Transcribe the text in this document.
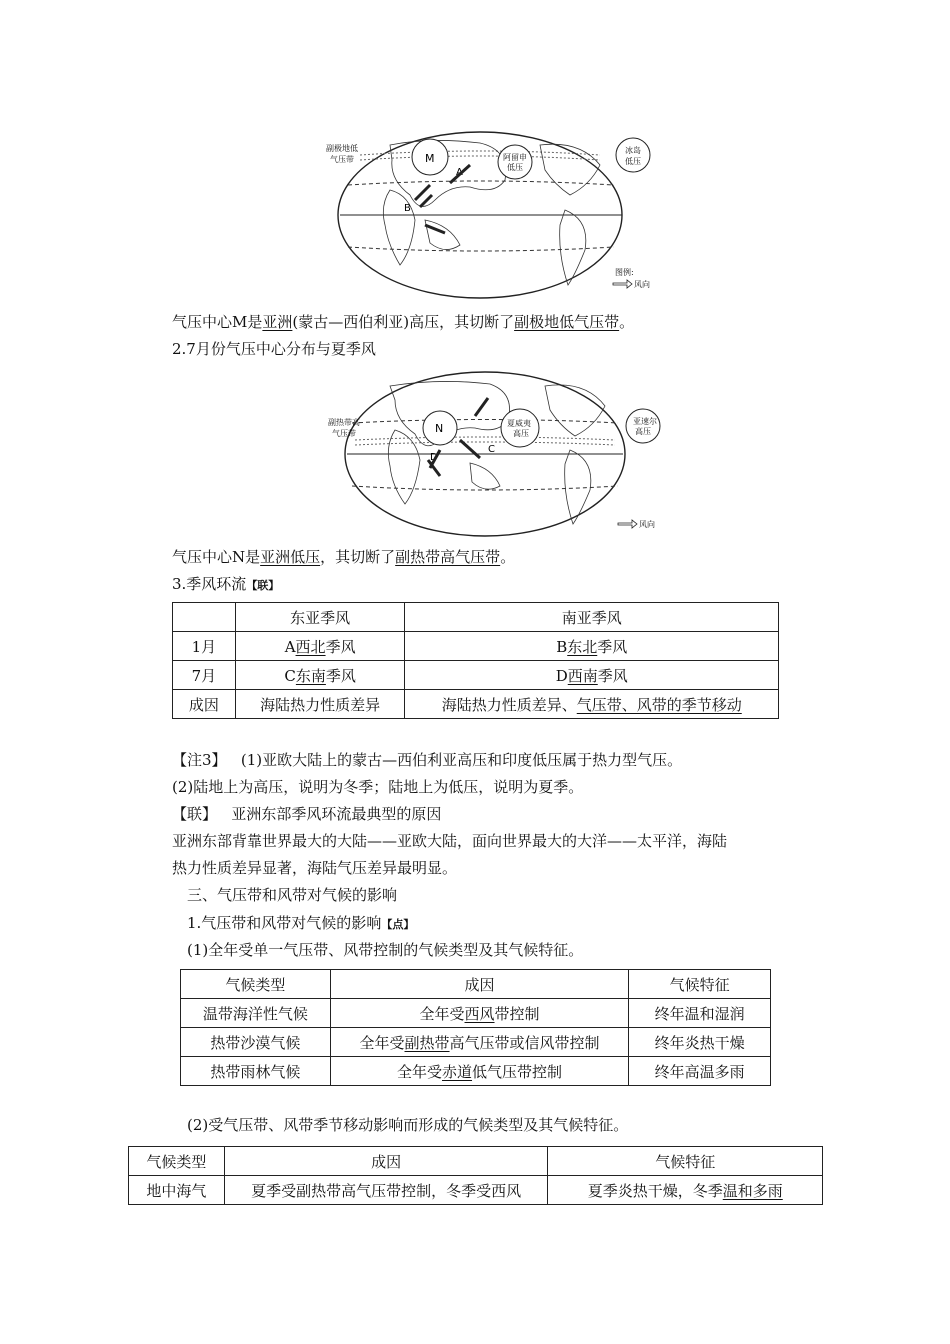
副极地低
气压带	M	阿留申
低压
冰岛
低压
A
B
图例:
风向
气压中心M是亚洲(蒙古—西伯利亚)高压，其切断了副极地低气压带。
2.7月份气压中心分布与夏季风
副热带高
气压带	N	夏威夷
高压
亚速尔
高压
C
D
风向
气压中心N是亚洲低压，其切断了副热带高气压带。
3.季风环流【联】
	东亚季风	南亚季风
1月	A西北季风	B东北季风
7月	C东南季风	D西南季风
成因	海陆热力性质差异	海陆热力性质差异、气压带、风带的季节移动
【注3】 (1)亚欧大陆上的蒙古—西伯利亚高压和印度低压属于热力型气压。
(2)陆地上为高压，说明为冬季；陆地上为低压，说明为夏季。
【联】 亚洲东部季风环流最典型的原因
亚洲东部背靠世界最大的大陆——亚欧大陆，面向世界最大的大洋——太平洋，海陆
热力性质差异显著，海陆气压差异最明显。
三、气压带和风带对气候的影响
1.气压带和风带对气候的影响【点】
(1)全年受单一气压带、风带控制的气候类型及其气候特征。
气候类型	成因	气候特征
温带海洋性气候	全年受西风带控制	终年温和湿润
热带沙漠气候	全年受副热带高气压带或信风带控制	终年炎热干燥
热带雨林气候	全年受赤道低气压带控制	终年高温多雨
(2)受气压带、风带季节移动影响而形成的气候类型及其气候特征。
气候类型	成因	气候特征
地中海气	夏季受副热带高气压带控制，冬季受西风	夏季炎热干燥，冬季温和多雨
